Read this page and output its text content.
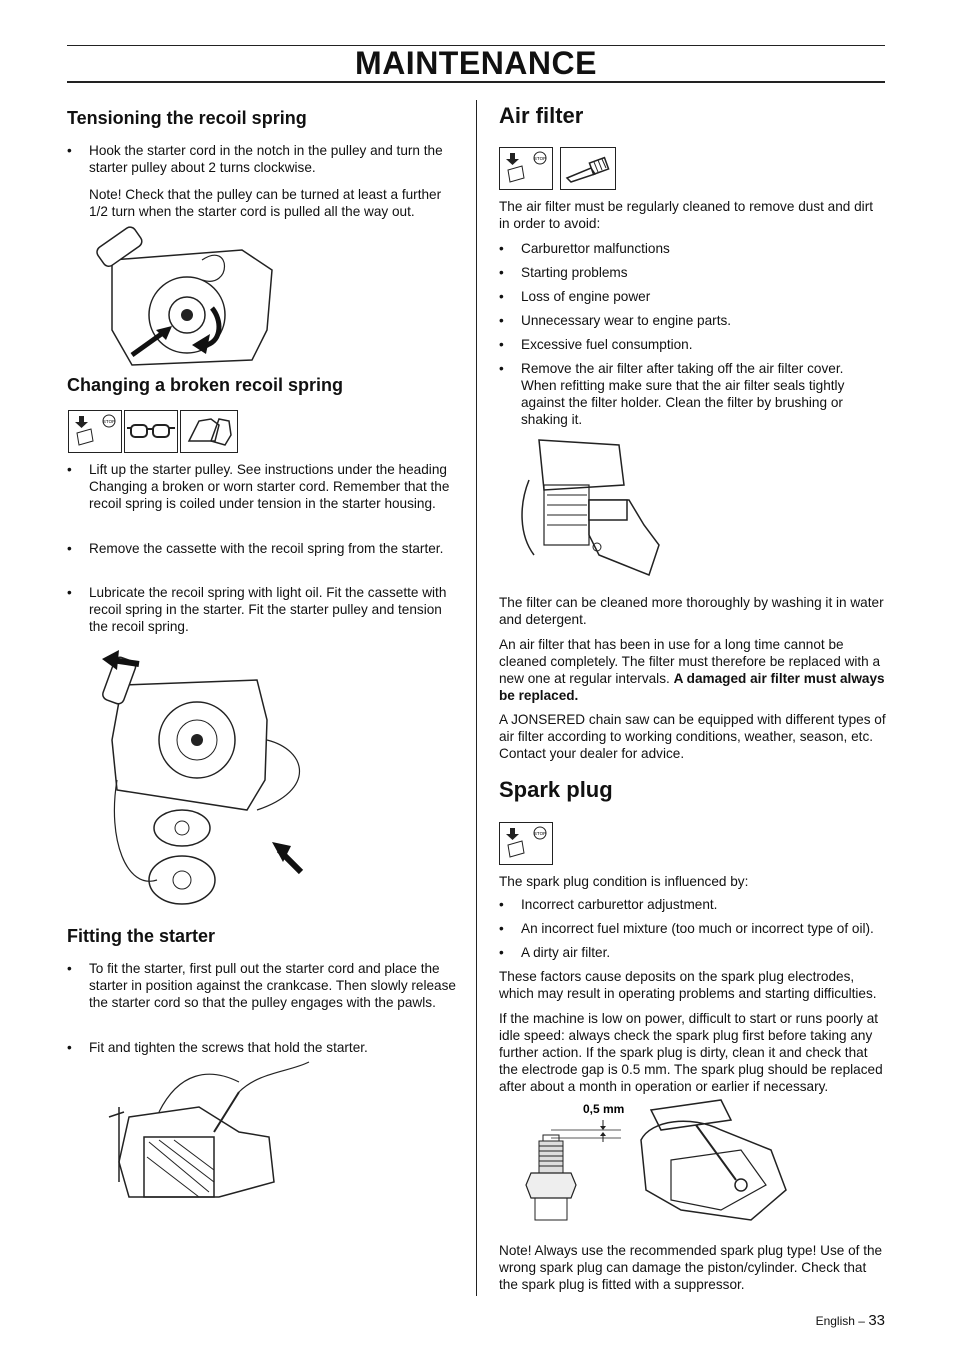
MAINTENANCE
Tensioning the recoil spring
• Hook the starter cord in the notch in the pulley and turn the starter pulley about 2 turns clockwise.

Note! Check that the pulley can be turned at least a further 1/2 turn when the starter cord is pulled all the way out.

Changing a broken recoil spring
STOP
• Lift up the starter pulley. See instructions under the heading Changing a broken or worn starter cord. Remember that the recoil spring is coiled under tension in the starter housing.
• Remove the cassette with the recoil spring from the starter.
• Lubricate the recoil spring with light oil. Fit the cassette with recoil spring in the starter. Fit the starter pulley and tension the recoil spring.
Fitting the starter
• To fit the starter, first pull out the starter cord and place the starter in position against the crankcase. Then slowly release the starter cord so that the pulley engages with the pawls.
• Fit and tighten the screws that hold the starter.
Air filter
STOP

The air filter must be regularly cleaned to remove dust and dirt in order to avoid:

• Carburettor malfunctions
• Starting problems
• Loss of engine power
• Unnecessary wear to engine parts.
• Excessive fuel consumption.
• Remove the air filter after taking off the air filter cover. When refitting make sure that the air filter seals tightly against the filter holder. Clean the filter by brushing or shaking it.

The filter can be cleaned more thoroughly by washing it in water and detergent.

An air filter that has been in use for a long time cannot be cleaned completely. The filter must therefore be replaced with a new one at regular intervals. A damaged air filter must always be replaced.

A JONSERED chain saw can be equipped with different types of air filter according to working conditions, weather, season, etc. Contact your dealer for advice.

Spark plug
STOP

The spark plug condition is influenced by:

• Incorrect carburettor adjustment.
• An incorrect fuel mixture (too much or incorrect type of oil).
• A dirty air filter.

These factors cause deposits on the spark plug electrodes, which may result in operating problems and starting difficulties.

If the machine is low on power, difficult to start or runs poorly at idle speed: always check the spark plug first before taking any further action. If the spark plug is dirty, clean it and check that the electrode gap is 0.5 mm. The spark plug should be replaced after about a month in operation or earlier if necessary.

0,5 mm

Note! Always use the recommended spark plug type! Use of the wrong spark plug can damage the piston/cylinder. Check that the spark plug is fitted with a suppressor.

English – 33
